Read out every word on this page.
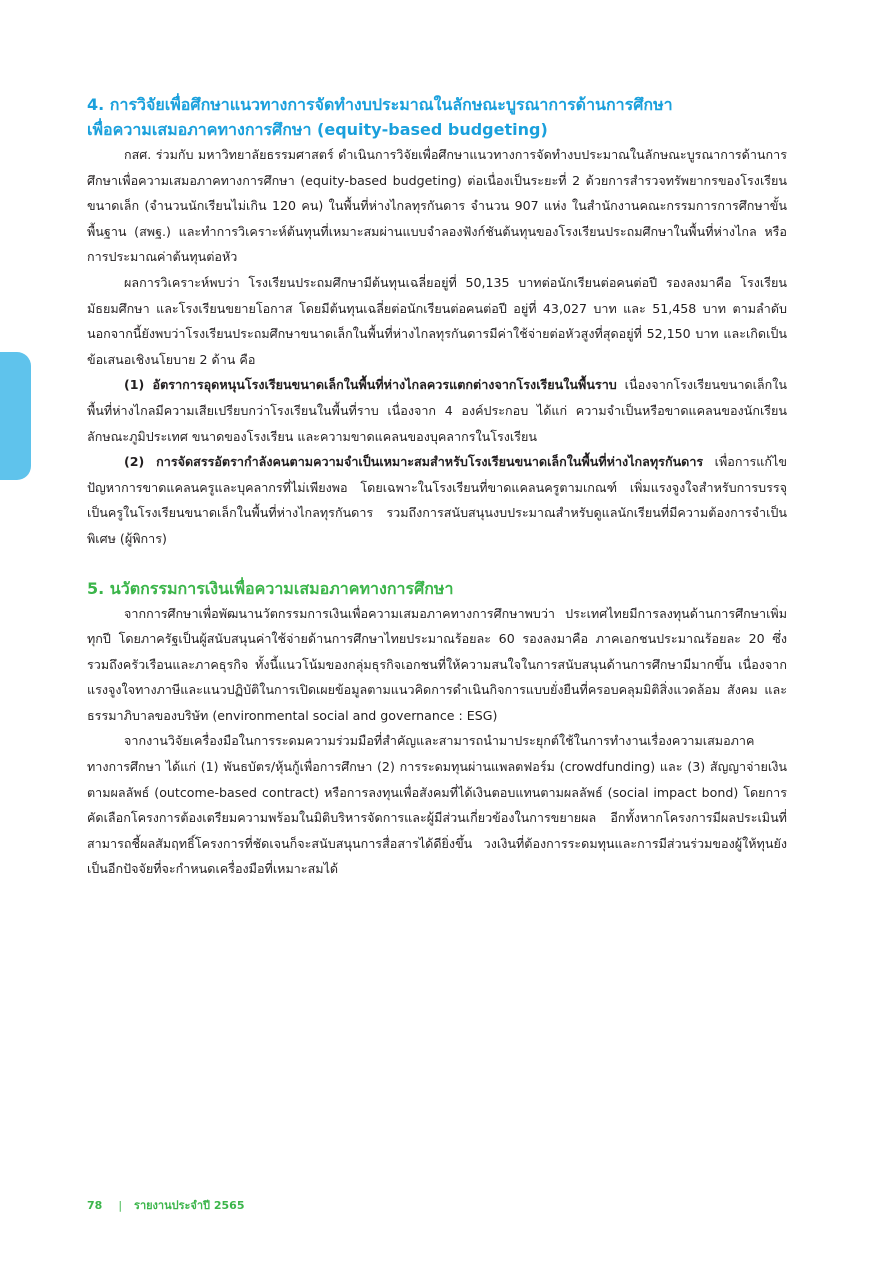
4. การวิจัยเพื่อศึกษาแนวทางการจัดทำงบประมาณในลักษณะบูรณาการด้านการศึกษา
เพื่อความเสมอภาคทางการศึกษา (equity-based budgeting)

กสศ. ร่วมกับ มหาวิทยาลัยธรรมศาสตร์ ดำเนินการวิจัยเพื่อศึกษาแนวทางการจัดทำงบประมาณในลักษณะบูรณาการด้านการศึกษาเพื่อความเสมอภาคทางการศึกษา (equity-based budgeting) ต่อเนื่องเป็นระยะที่ 2 ด้วยการสำรวจทรัพยากรของโรงเรียนขนาดเล็ก (จำนวนนักเรียนไม่เกิน 120 คน) ในพื้นที่ห่างไกลทุรกันดาร จำนวน 907 แห่ง ในสำนักงานคณะกรรมการการศึกษาขั้นพื้นฐาน (สพฐ.) และทำการวิเคราะห์ต้นทุนที่เหมาะสมผ่านแบบจำลองฟังก์ชันต้นทุนของโรงเรียนประถมศึกษาในพื้นที่ห่างไกล หรือการประมาณค่าต้นทุนต่อหัว

ผลการวิเคราะห์พบว่า โรงเรียนประถมศึกษามีต้นทุนเฉลี่ยอยู่ที่ 50,135 บาทต่อนักเรียนต่อคนต่อปี รองลงมาคือ โรงเรียนมัธยมศึกษา และโรงเรียนขยายโอกาส โดยมีต้นทุนเฉลี่ยต่อนักเรียนต่อคนต่อปี อยู่ที่ 43,027 บาท และ 51,458 บาท ตามลำดับ นอกจากนี้ยังพบว่าโรงเรียนประถมศึกษาขนาดเล็กในพื้นที่ห่างไกลทุรกันดารมีค่าใช้จ่ายต่อหัวสูงที่สุดอยู่ที่ 52,150 บาท และเกิดเป็นข้อเสนอเชิงนโยบาย 2 ด้าน คือ

(1) อัตราการอุดหนุนโรงเรียนขนาดเล็กในพื้นที่ห่างไกลควรแตกต่างจากโรงเรียนในพื้นราบ เนื่องจากโรงเรียนขนาดเล็กในพื้นที่ห่างไกลมีความเสียเปรียบกว่าโรงเรียนในพื้นที่ราบ เนื่องจาก 4 องค์ประกอบ ได้แก่ ความจำเป็นหรือขาดแคลนของนักเรียน ลักษณะภูมิประเทศ ขนาดของโรงเรียน และความขาดแคลนของบุคลากรในโรงเรียน

(2) การจัดสรรอัตรากำลังคนตามความจำเป็นเหมาะสมสำหรับโรงเรียนขนาดเล็กในพื้นที่ห่างไกลทุรกันดาร เพื่อการแก้ไขปัญหาการขาดแคลนครูและบุคลากรที่ไม่เพียงพอ โดยเฉพาะในโรงเรียนที่ขาดแคลนครูตามเกณฑ์ เพิ่มแรงจูงใจสำหรับการบรรจุเป็นครูในโรงเรียนขนาดเล็กในพื้นที่ห่างไกลทุรกันดาร รวมถึงการสนับสนุนงบประมาณสำหรับดูแลนักเรียนที่มีความต้องการจำเป็นพิเศษ (ผู้พิการ)

5. นวัตกรรมการเงินเพื่อความเสมอภาคทางการศึกษา

จากการศึกษาเพื่อพัฒนานวัตกรรมการเงินเพื่อความเสมอภาคทางการศึกษาพบว่า ประเทศไทยมีการลงทุนด้านการศึกษาเพิ่มทุกปี โดยภาครัฐเป็นผู้สนับสนุนค่าใช้จ่ายด้านการศึกษาไทยประมาณร้อยละ 60 รองลงมาคือ ภาคเอกชนประมาณร้อยละ 20 ซึ่งรวมถึงครัวเรือนและภาคธุรกิจ ทั้งนี้แนวโน้มของกลุ่มธุรกิจเอกชนที่ให้ความสนใจในการสนับสนุนด้านการศึกษามีมากขึ้น เนื่องจากแรงจูงใจทางภาษีและแนวปฏิบัติในการเปิดเผยข้อมูลตามแนวคิดการดำเนินกิจการแบบยั่งยืนที่ครอบคลุมมิติสิ่งแวดล้อม สังคม และธรรมาภิบาลของบริษัท (environmental social and governance : ESG)

จากงานวิจัยเครื่องมือในการระดมความร่วมมือที่สำคัญและสามารถนำมาประยุกต์ใช้ในการทำงานเรื่องความเสมอภาคทางการศึกษา ได้แก่ (1) พันธบัตร/หุ้นกู้เพื่อการศึกษา (2) การระดมทุนผ่านแพลตฟอร์ม (crowdfunding) และ (3) สัญญาจ่ายเงินตามผลลัพธ์ (outcome-based contract) หรือการลงทุนเพื่อสังคมที่ได้เงินตอบแทนตามผลลัพธ์ (social impact bond) โดยการคัดเลือกโครงการต้องเตรียมความพร้อมในมิติบริหารจัดการและผู้มีส่วนเกี่ยวข้องในการขยายผล อีกทั้งหากโครงการมีผลประเมินที่สามารถชี้ผลสัมฤทธิ์โครงการที่ชัดเจนก็จะสนับสนุนการสื่อสารได้ดียิ่งขึ้น วงเงินที่ต้องการระดมทุนและการมีส่วนร่วมของผู้ให้ทุนยังเป็นอีกปัจจัยที่จะกำหนดเครื่องมือที่เหมาะสมได้

78 | รายงานประจำปี 2565
